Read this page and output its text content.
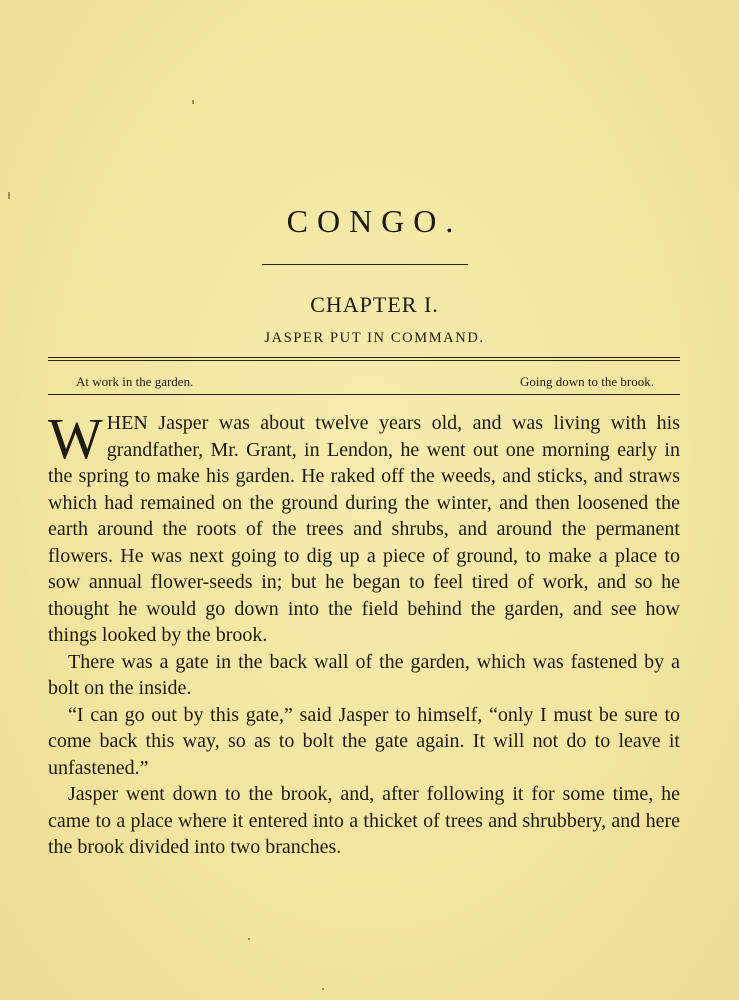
CONGO.
CHAPTER I.
JASPER PUT IN COMMAND.
At work in the garden.	Going down to the brook.

WHEN Jasper was about twelve years old, and was living with his grandfather, Mr. Grant, in Lendon, he went out one morning early in the spring to make his garden. He raked off the weeds, and sticks, and straws which had remained on the ground during the winter, and then loosened the earth around the roots of the trees and shrubs, and around the permanent flowers. He was next going to dig up a piece of ground, to make a place to sow annual flower-seeds in; but he began to feel tired of work, and so he thought he would go down into the field behind the garden, and see how things looked by the brook.

There was a gate in the back wall of the garden, which was fastened by a bolt on the inside.

“I can go out by this gate,” said Jasper to himself, “only I must be sure to come back this way, so as to bolt the gate again. It will not do to leave it unfastened.”

Jasper went down to the brook, and, after following it for some time, he came to a place where it entered into a thicket of trees and shrubbery, and here the brook divided into two branches.
